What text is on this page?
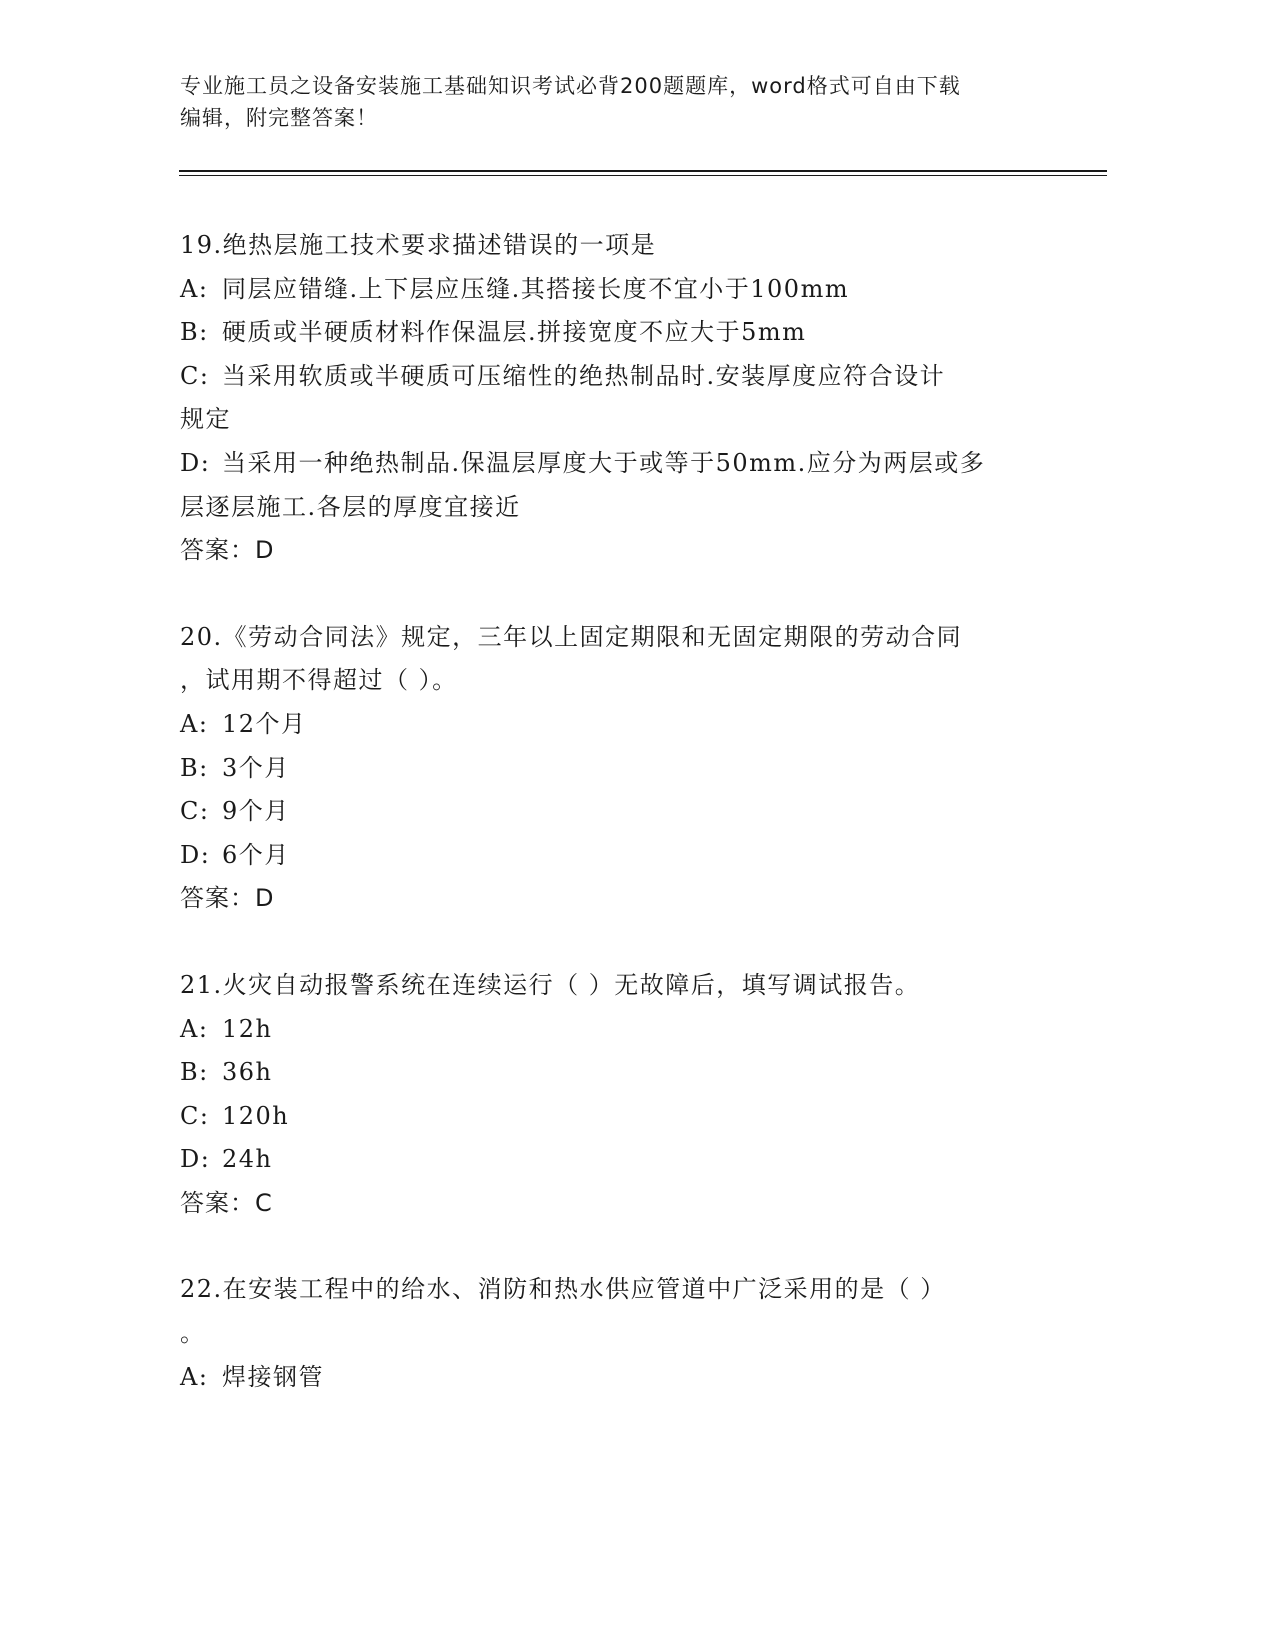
专业施工员之设备安装施工基础知识考试必背200题题库，word格式可自由下载
编辑，附完整答案！
19.绝热层施工技术要求描述错误的一项是
A: 同层应错缝.上下层应压缝.其搭接长度不宜小于100mm
B: 硬质或半硬质材料作保温层.拼接宽度不应大于5mm
C: 当采用软质或半硬质可压缩性的绝热制品时.安装厚度应符合设计
规定
D: 当采用一种绝热制品.保温层厚度大于或等于50mm.应分为两层或多
层逐层施工.各层的厚度宜接近
答案：D
20.《劳动合同法》规定，三年以上固定期限和无固定期限的劳动合同
，试用期不得超过（ ）。
A: 12个月
B: 3个月
C: 9个月
D: 6个月
答案：D
21.火灾自动报警系统在连续运行（ ）无故障后，填写调试报告。
A: 12h
B: 36h
C: 120h
D: 24h
答案：C
22.在安装工程中的给水、消防和热水供应管道中广泛采用的是（ ）
。
A: 焊接钢管
